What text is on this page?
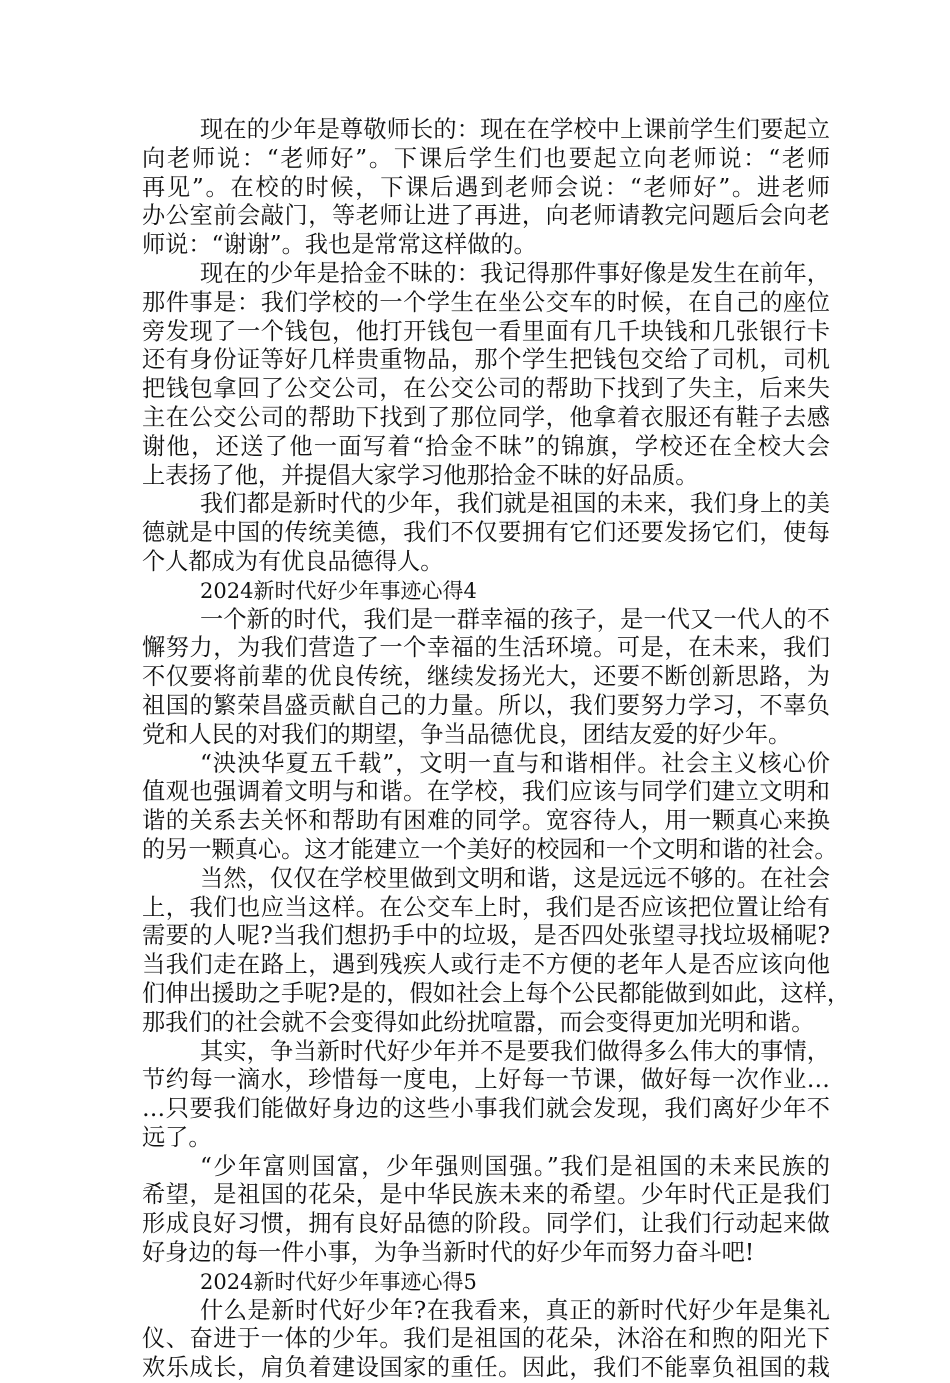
现在的少年是尊敬师长的：现在在学校中上课前学生们要起立
向老师说：“老师好”。下课后学生们也要起立向老师说：“老师
再见”。在校的时候，下课后遇到老师会说：“老师好”。进老师
办公室前会敲门，等老师让进了再进，向老师请教完问题后会向老
师说：“谢谢”。我也是常常这样做的。
现在的少年是拾金不昧的：我记得那件事好像是发生在前年，
那件事是：我们学校的一个学生在坐公交车的时候，在自己的座位
旁发现了一个钱包，他打开钱包一看里面有几千块钱和几张银行卡
还有身份证等好几样贵重物品，那个学生把钱包交给了司机，司机
把钱包拿回了公交公司，在公交公司的帮助下找到了失主，后来失
主在公交公司的帮助下找到了那位同学，他拿着衣服还有鞋子去感
谢他，还送了他一面写着“拾金不昧”的锦旗，学校还在全校大会
上表扬了他，并提倡大家学习他那拾金不昧的好品质。
我们都是新时代的少年，我们就是祖国的未来，我们身上的美
德就是中国的传统美德，我们不仅要拥有它们还要发扬它们，使每
个人都成为有优良品德得人。
2024新时代好少年事迹心得4
一个新的时代，我们是一群幸福的孩子，是一代又一代人的不
懈努力，为我们营造了一个幸福的生活环境。可是，在未来，我们
不仅要将前辈的优良传统，继续发扬光大，还要不断创新思路，为
祖国的繁荣昌盛贡献自己的力量。所以，我们要努力学习，不辜负
党和人民的对我们的期望，争当品德优良，团结友爱的好少年。
“泱泱华夏五千载”，文明一直与和谐相伴。社会主义核心价
值观也强调着文明与和谐。在学校，我们应该与同学们建立文明和
谐的关系去关怀和帮助有困难的同学。宽容待人，用一颗真心来换
的另一颗真心。这才能建立一个美好的校园和一个文明和谐的社会。
当然，仅仅在学校里做到文明和谐，这是远远不够的。在社会
上，我们也应当这样。在公交车上时，我们是否应该把位置让给有
需要的人呢?当我们想扔手中的垃圾，是否四处张望寻找垃圾桶呢?
当我们走在路上，遇到残疾人或行走不方便的老年人是否应该向他
们伸出援助之手呢?是的，假如社会上每个公民都能做到如此，这样，
那我们的社会就不会变得如此纷扰喧嚣，而会变得更加光明和谐。
其实，争当新时代好少年并不是要我们做得多么伟大的事情，
节约每一滴水，珍惜每一度电，上好每一节课，做好每一次作业…
…只要我们能做好身边的这些小事我们就会发现，我们离好少年不
远了。
“少年富则国富，少年强则国强。”我们是祖国的未来民族的
希望，是祖国的花朵，是中华民族未来的希望。少年时代正是我们
形成良好习惯，拥有良好品德的阶段。同学们，让我们行动起来做
好身边的每一件小事，为争当新时代的好少年而努力奋斗吧!
2024新时代好少年事迹心得5
什么是新时代好少年?在我看来，真正的新时代好少年是集礼
仪、奋进于一体的少年。我们是祖国的花朵，沐浴在和煦的阳光下
欢乐成长，肩负着建设国家的重任。因此，我们不能辜负祖国的栽
